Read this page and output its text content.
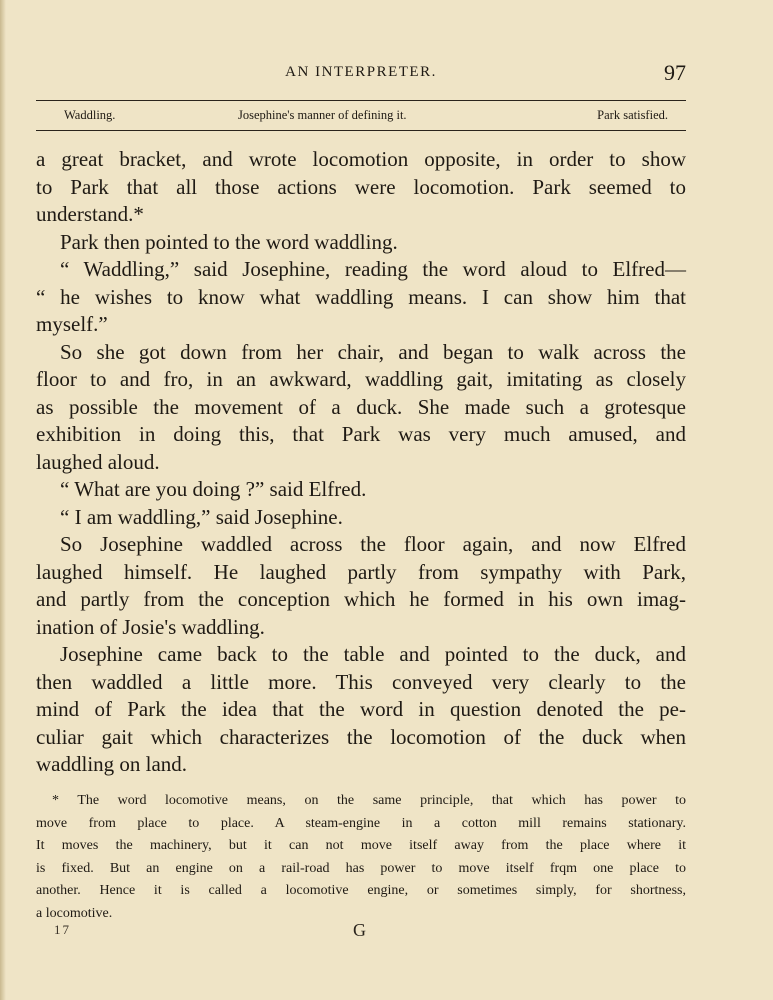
AN INTERPRETER.	97
Waddling.	Josephine's manner of defining it.	Park satisfied.
a great bracket, and wrote locomotion opposite, in order to show
to Park that all those actions were locomotion. Park seemed to
understand.*
Park then pointed to the word waddling.
“ Waddling,” said Josephine, reading the word aloud to Elfred—
“ he wishes to know what waddling means. I can show him that
myself.”
So she got down from her chair, and began to walk across the
floor to and fro, in an awkward, waddling gait, imitating as closely
as possible the movement of a duck. She made such a grotesque
exhibition in doing this, that Park was very much amused, and
laughed aloud.
“ What are you doing ?” said Elfred.
“ I am waddling,” said Josephine.
So Josephine waddled across the floor again, and now Elfred
laughed himself. He laughed partly from sympathy with Park,
and partly from the conception which he formed in his own imag-
ination of Josie's waddling.
Josephine came back to the table and pointed to the duck, and
then waddled a little more. This conveyed very clearly to the
mind of Park the idea that the word in question denoted the pe-
culiar gait which characterizes the locomotion of the duck when
waddling on land.
* The word locomotive means, on the same principle, that which has power to
move from place to place. A steam-engine in a cotton mill remains stationary.
It moves the machinery, but it can not move itself away from the place where it
is fixed. But an engine on a rail-road has power to move itself frqm one place to
another. Hence it is called a locomotive engine, or sometimes simply, for shortness,
a locomotive.
17	G
